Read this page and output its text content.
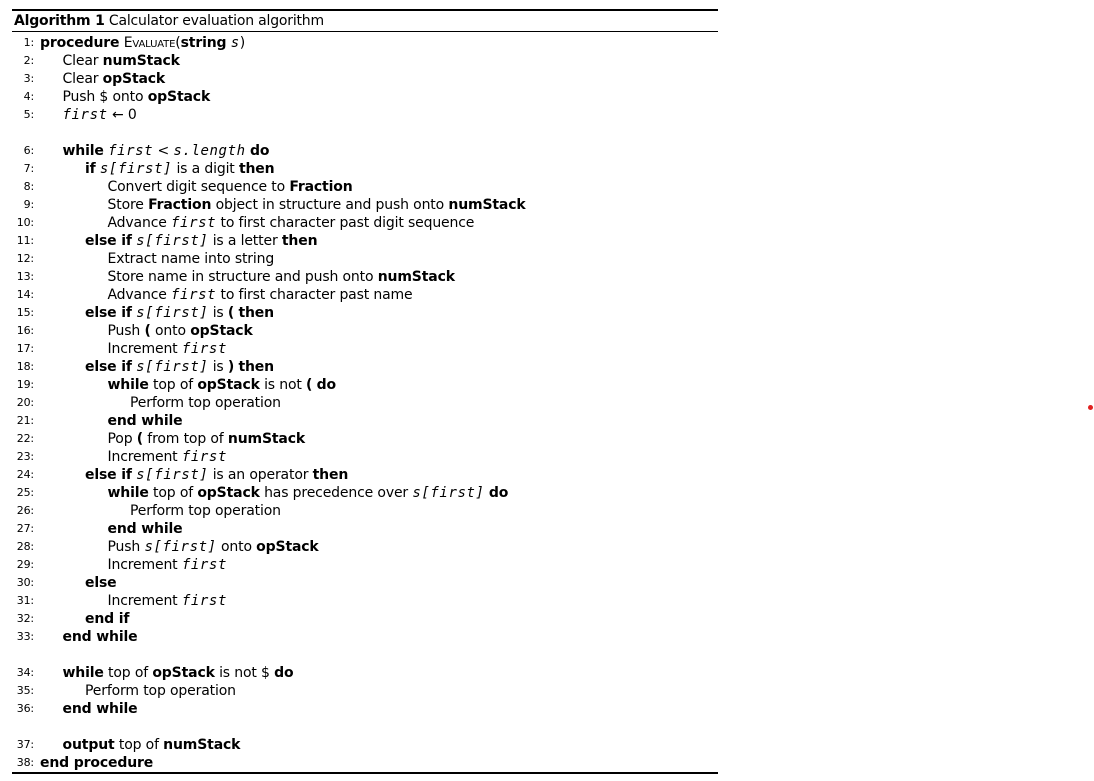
Algorithm 1 Calculator evaluation algorithm
1: procedure Evaluate(string s)
2: Clear numStack
3: Clear opStack
4: Push $ onto opStack
5: first ← 0
6: while first < s.length do
7:	if s[first] is a digit then
8:	Convert digit sequence to Fraction
9:	Store Fraction object in structure and push onto numStack
10:	Advance first to first character past digit sequence
11:	else if s[first] is a letter then
12:	Extract name into string
13:	Store name in structure and push onto numStack
14:	Advance first to first character past name
15:	else if s[first] is ( then
16:	Push ( onto opStack
17:	Increment first
18:	else if s[first] is ) then
19:	while top of opStack is not ( do
20:	Perform top operation
21:	end while
22:	Pop ( from top of numStack
23:	Increment first
24:	else if s[first] is an operator then
25:	while top of opStack has precedence over s[first] do
26:	Perform top operation
27:	end while
28:	Push s[first] onto opStack
29:	Increment first
30:	else
31:	Increment first
32:	end if
33: end while
34: while top of opStack is not $ do
35:	Perform top operation
36: end while
37: output top of numStack
38: end procedure
